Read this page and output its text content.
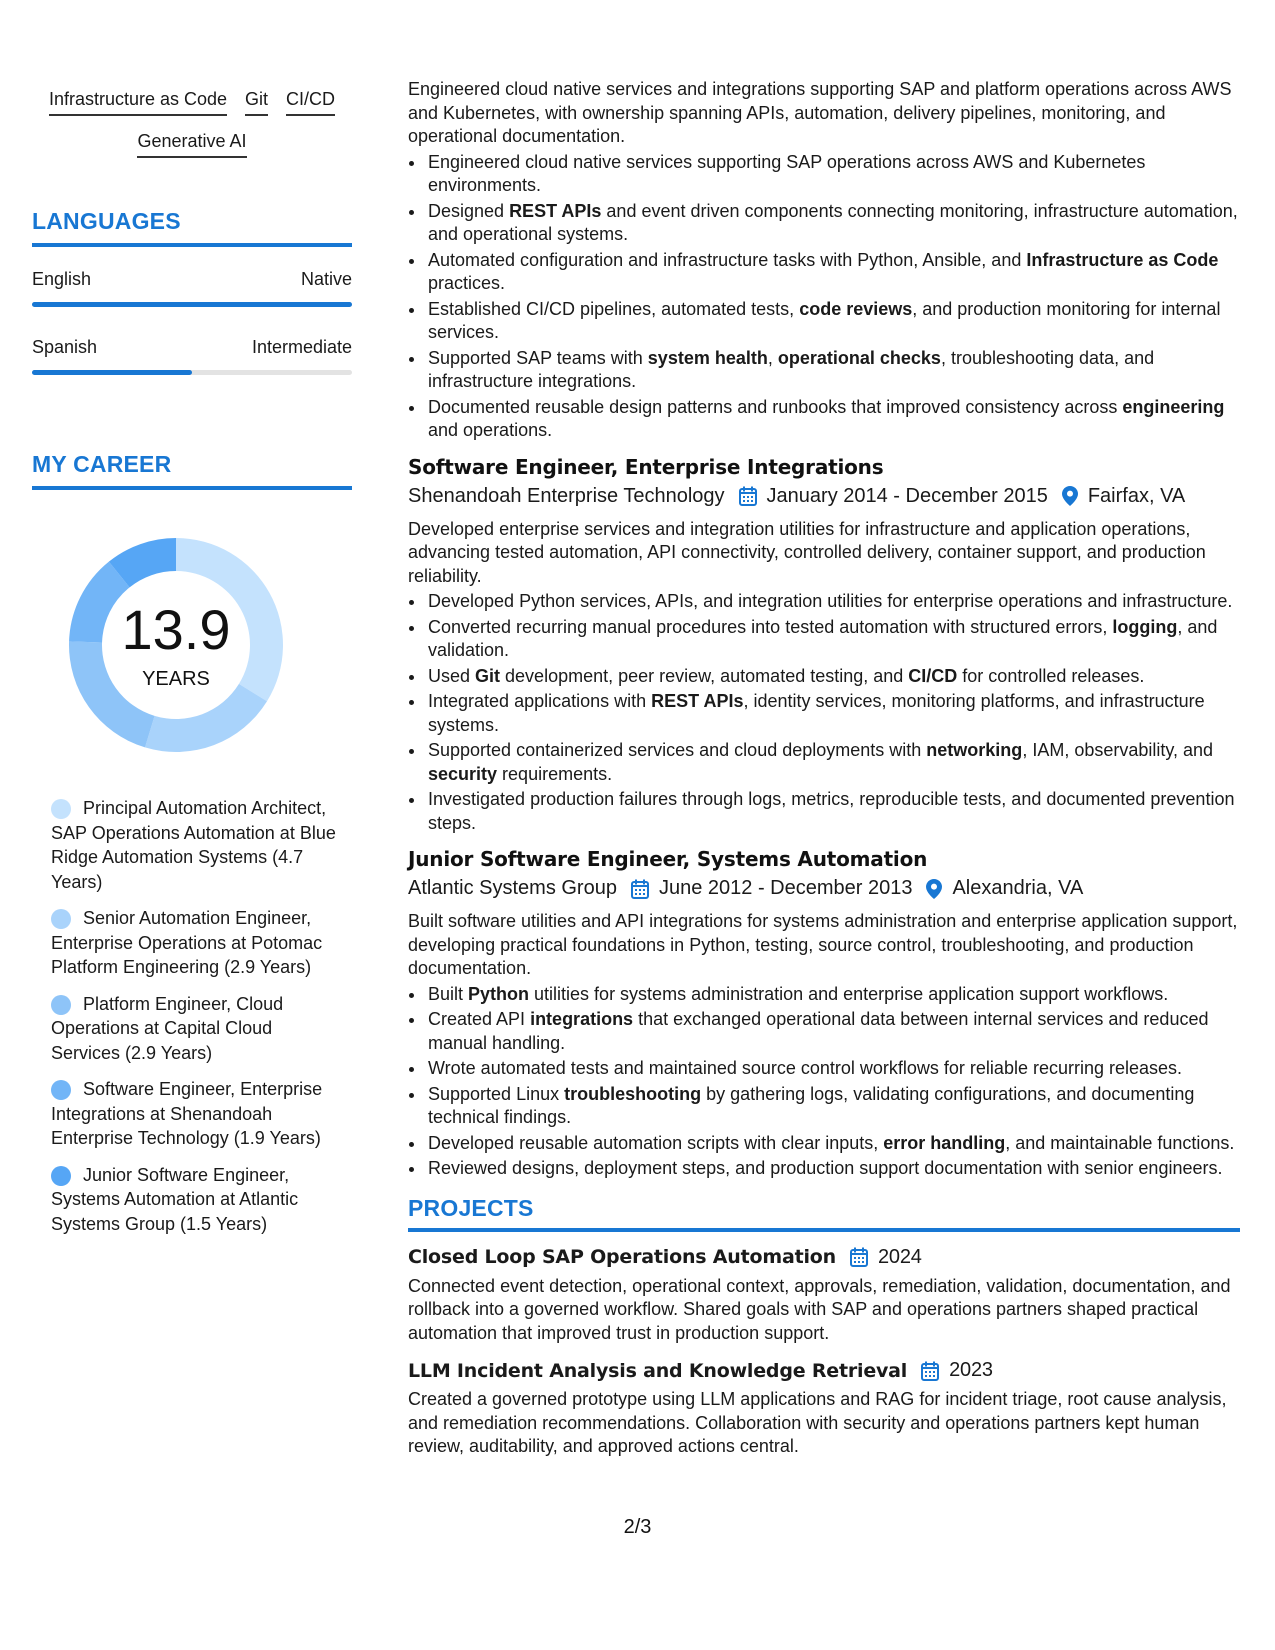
Infrastructure as Code Git CI/CD
Generative AI
LANGUAGES
English	Native
Spanish	Intermediate
MY CAREER
13.9
YEARS
Principal Automation Architect, SAP Operations Automation at Blue Ridge Automation Systems (4.7 Years)
Senior Automation Engineer, Enterprise Operations at Potomac Platform Engineering (2.9 Years)
Platform Engineer, Cloud Operations at Capital Cloud Services (2.9 Years)
Software Engineer, Enterprise Integrations at Shenandoah Enterprise Technology (1.9 Years)
Junior Software Engineer, Systems Automation at Atlantic Systems Group (1.5 Years)
Engineered cloud native services and integrations supporting SAP and platform operations across AWS and Kubernetes, with ownership spanning APIs, automation, delivery pipelines, monitoring, and operational documentation.
• Engineered cloud native services supporting SAP operations across AWS and Kubernetes environments.
• Designed REST APIs and event driven components connecting monitoring, infrastructure automation, and operational systems.
• Automated configuration and infrastructure tasks with Python, Ansible, and Infrastructure as Code practices.
• Established CI/CD pipelines, automated tests, code reviews, and production monitoring for internal services.
• Supported SAP teams with system health, operational checks, troubleshooting data, and infrastructure integrations.
• Documented reusable design patterns and runbooks that improved consistency across engineering and operations.
Software Engineer, Enterprise Integrations
Shenandoah Enterprise Technology January 2014 - December 2015 Fairfax, VA
Developed enterprise services and integration utilities for infrastructure and application operations, advancing tested automation, API connectivity, controlled delivery, container support, and production reliability.
• Developed Python services, APIs, and integration utilities for enterprise operations and infrastructure.
• Converted recurring manual procedures into tested automation with structured errors, logging, and validation.
• Used Git development, peer review, automated testing, and CI/CD for controlled releases.
• Integrated applications with REST APIs, identity services, monitoring platforms, and infrastructure systems.
• Supported containerized services and cloud deployments with networking, IAM, observability, and security requirements.
• Investigated production failures through logs, metrics, reproducible tests, and documented prevention steps.
Junior Software Engineer, Systems Automation
Atlantic Systems Group June 2012 - December 2013 Alexandria, VA
Built software utilities and API integrations for systems administration and enterprise application support, developing practical foundations in Python, testing, source control, troubleshooting, and production documentation.
• Built Python utilities for systems administration and enterprise application support workflows.
• Created API integrations that exchanged operational data between internal services and reduced manual handling.
• Wrote automated tests and maintained source control workflows for reliable recurring releases.
• Supported Linux troubleshooting by gathering logs, validating configurations, and documenting technical findings.
• Developed reusable automation scripts with clear inputs, error handling, and maintainable functions.
• Reviewed designs, deployment steps, and production support documentation with senior engineers.
PROJECTS
Closed Loop SAP Operations Automation 2024
Connected event detection, operational context, approvals, remediation, validation, documentation, and rollback into a governed workflow. Shared goals with SAP and operations partners shaped practical automation that improved trust in production support.
LLM Incident Analysis and Knowledge Retrieval 2023
Created a governed prototype using LLM applications and RAG for incident triage, root cause analysis, and remediation recommendations. Collaboration with security and operations partners kept human review, auditability, and approved actions central.
2/3
